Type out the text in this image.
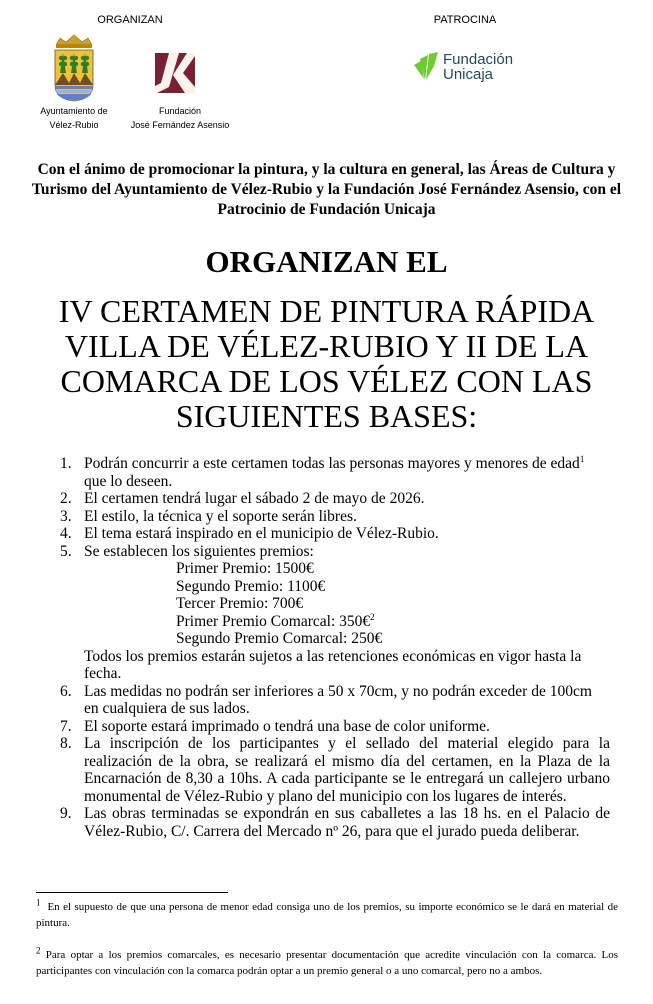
ORGANIZAN	PATROCINA
Ayuntamiento de
Vélez-Rubio
Fundación
José Fernández Asensio
Fundación
Unicaja
Con el ánimo de promocionar la pintura, y la cultura en general, las Áreas de Cultura y Turismo del Ayuntamiento de Vélez-Rubio y la Fundación José Fernández Asensio, con el Patrocinio de Fundación Unicaja
ORGANIZAN EL
IV CERTAMEN DE PINTURA RÁPIDA
VILLA DE VÉLEZ-RUBIO Y II DE LA
COMARCA DE LOS VÉLEZ CON LAS
SIGUIENTES BASES:
1. Podrán concurrir a este certamen todas las personas mayores y menores de edad$^1$
que lo deseen.
2. El certamen tendrá lugar el sábado 2 de mayo de 2026.
3. El estilo, la técnica y el soporte serán libres.
4. El tema estará inspirado en el municipio de Vélez-Rubio.
5. Se establecen los siguientes premios:
Primer Premio: 1500€
Segundo Premio: 1100€
Tercer Premio: 700€
Primer Premio Comarcal: 350€$^2$
Segundo Premio Comarcal: 250€
Todos los premios estarán sujetos a las retenciones económicas en vigor hasta la fecha.
6. Las medidas no podrán ser inferiores a 50 x 70cm, y no podrán exceder de 100cm en cualquiera de sus lados.
7. El soporte estará imprimado o tendrá una base de color uniforme.
8. La inscripción de los participantes y el sellado del material elegido para la realización de la obra, se realizará el mismo día del certamen, en la Plaza de la Encarnación de 8,30 a 10hs. A cada participante se le entregará un callejero urbano monumental de Vélez-Rubio y plano del municipio con los lugares de interés.
9. Las obras terminadas se expondrán en sus caballetes a las 18 hs. en el Palacio de Vélez-Rubio, C/. Carrera del Mercado nº 26, para que el jurado pueda deliberar.
$^1$ En el supuesto de que una persona de menor edad consiga uno de los premios, su importe económico se le dará en material de pintura.
$^2$ Para optar a los premios comarcales, es necesario presentar documentación que acredite vinculación con la comarca. Los participantes con vinculación con la comarca podrán optar a un premio general o a uno comarcal, pero no a ambos.
